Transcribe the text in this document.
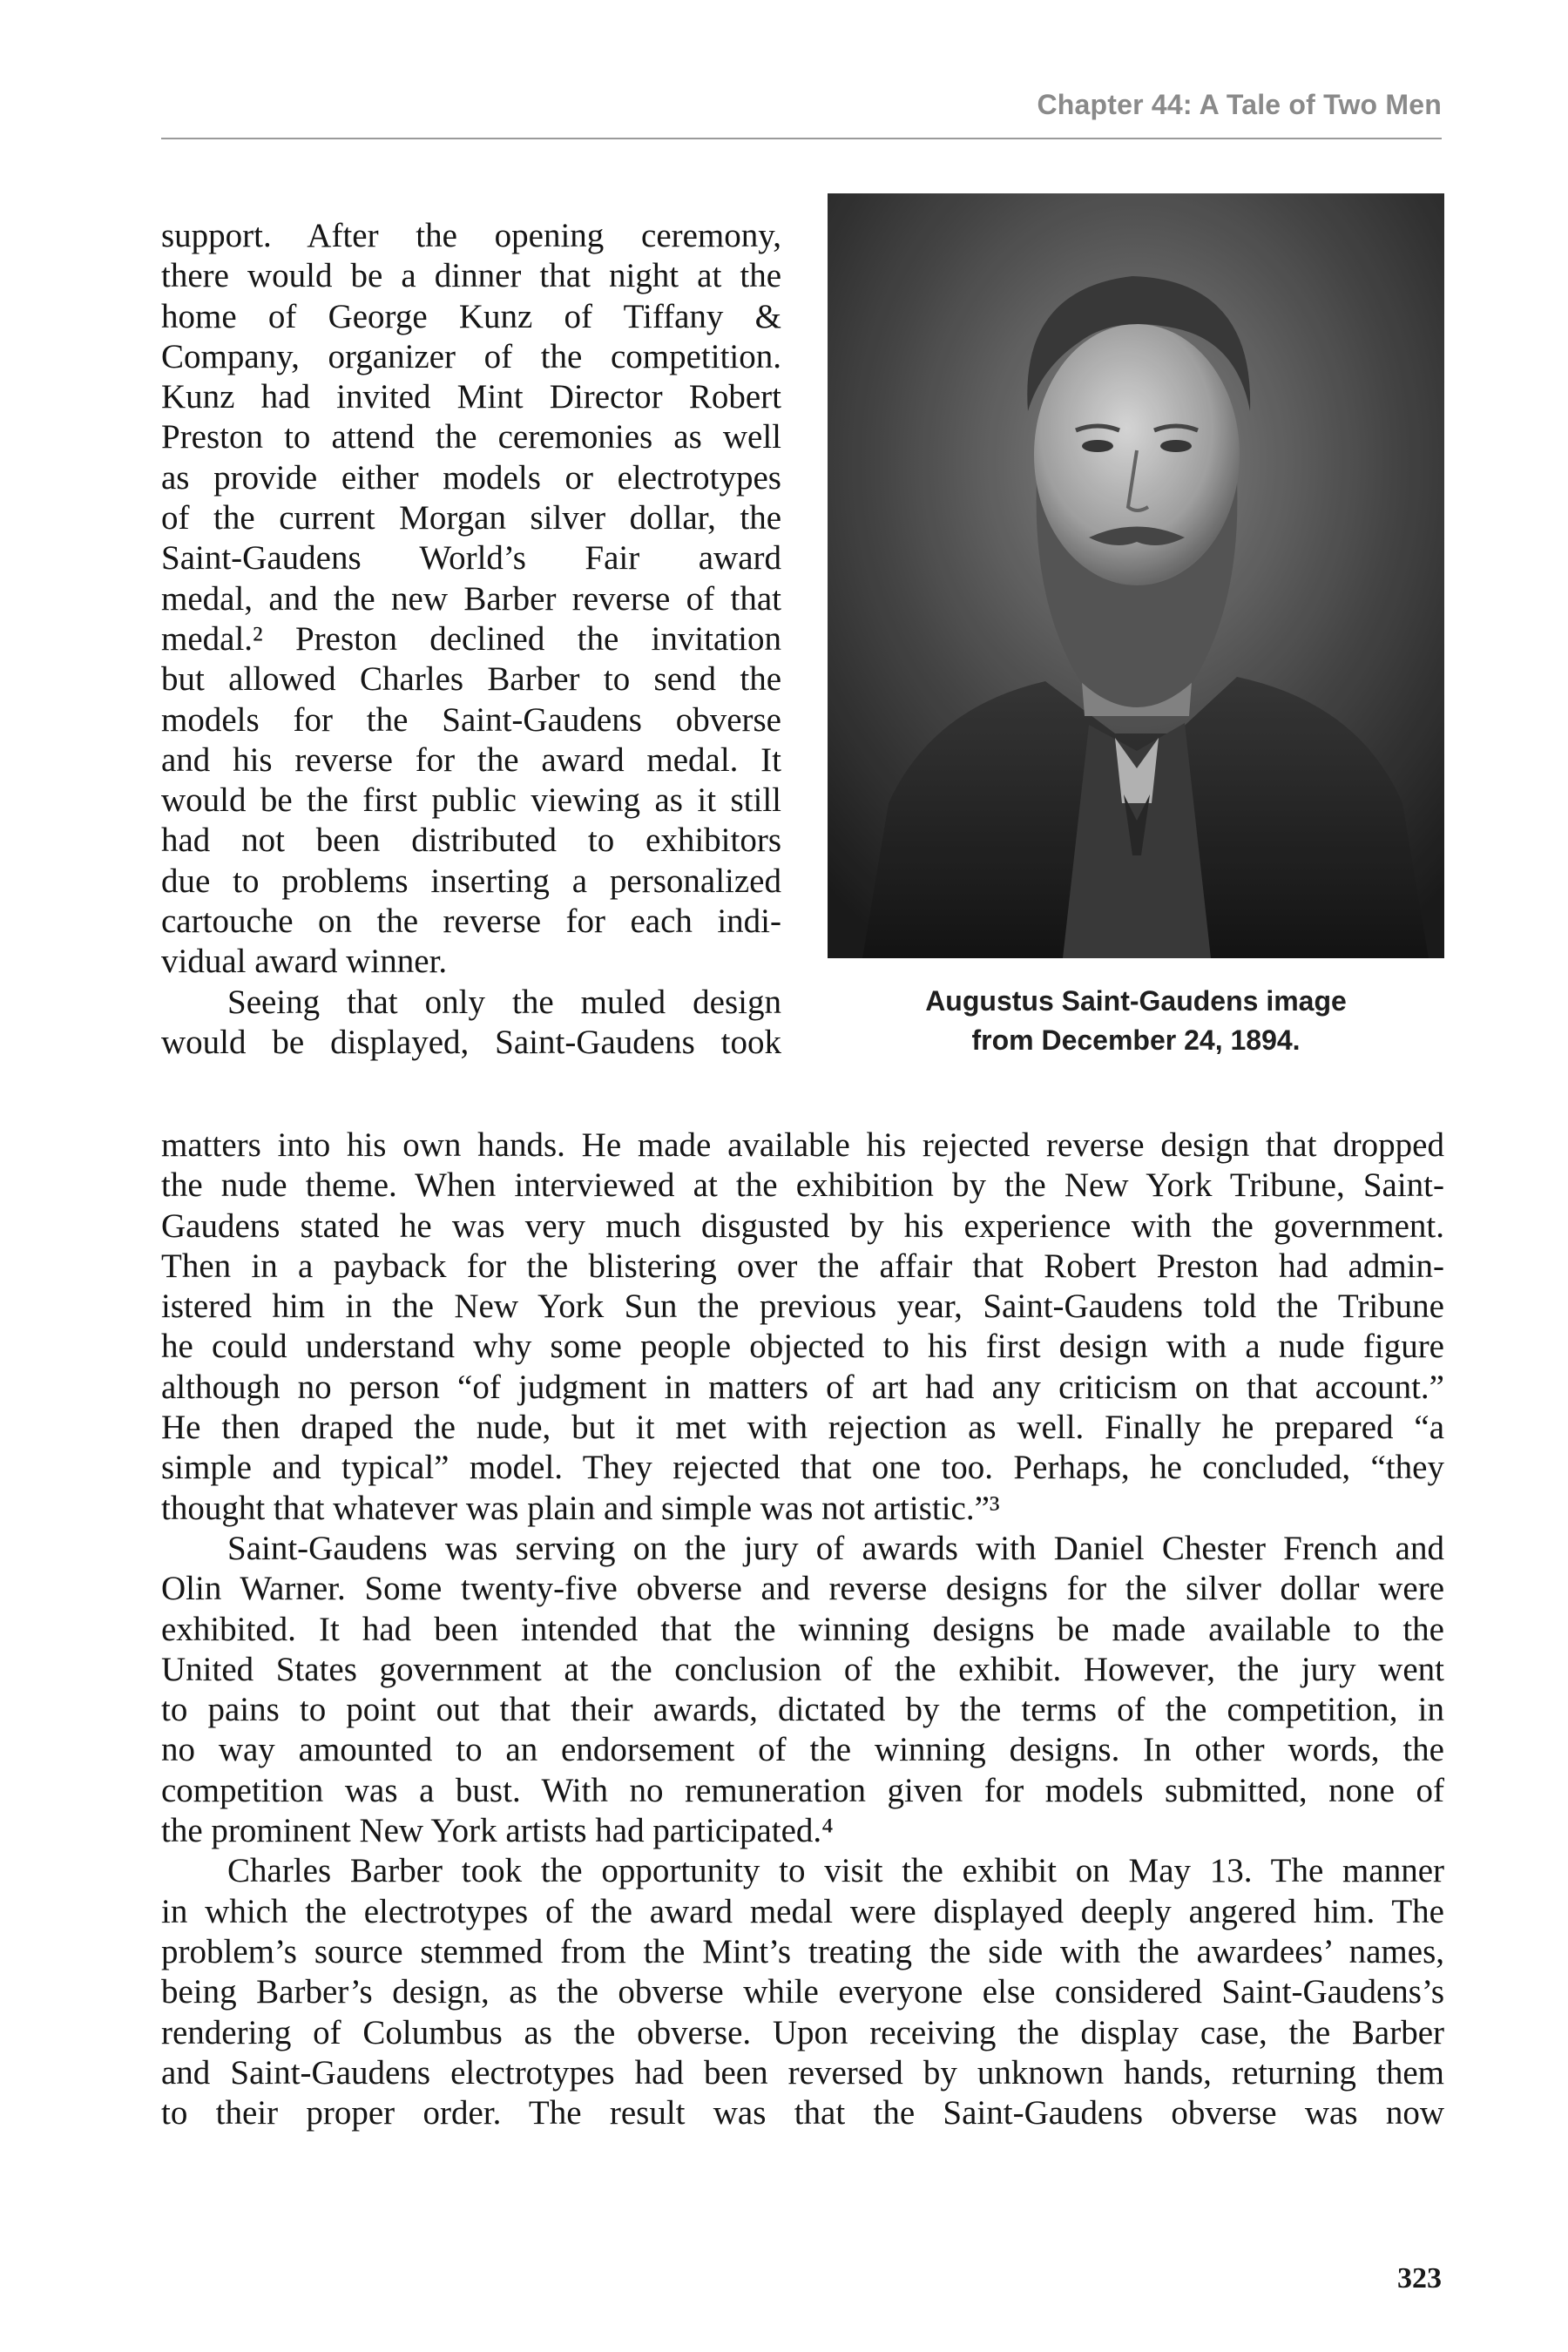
Chapter 44: A Tale of Two Men
Augustus Saint-Gaudens image
from December 24, 1894.
support. After the opening ceremony,
there would be a dinner that night at the
home of George Kunz of Tiffany &
Company, organizer of the competition.
Kunz had invited Mint Director Robert
Preston to attend the ceremonies as well
as provide either models or electrotypes
of the current Morgan silver dollar, the
Saint-Gaudens World’s Fair award
medal, and the new Barber reverse of that
medal.² Preston declined the invitation
but allowed Charles Barber to send the
models for the Saint-Gaudens obverse
and his reverse for the award medal. It
would be the first public viewing as it still
had not been distributed to exhibitors
due to problems inserting a personalized
cartouche on the reverse for each indi-
vidual award winner.
Seeing that only the muled design
would be displayed, Saint-Gaudens took
matters into his own hands. He made available his rejected reverse design that dropped
the nude theme. When interviewed at the exhibition by the New York Tribune, Saint-
Gaudens stated he was very much disgusted by his experience with the government.
Then in a payback for the blistering over the affair that Robert Preston had admin-
istered him in the New York Sun the previous year, Saint-Gaudens told the Tribune
he could understand why some people objected to his first design with a nude figure
although no person “of judgment in matters of art had any criticism on that account.”
He then draped the nude, but it met with rejection as well. Finally he prepared “a
simple and typical” model. They rejected that one too. Perhaps, he concluded, “they
thought that whatever was plain and simple was not artistic.”³
Saint-Gaudens was serving on the jury of awards with Daniel Chester French and
Olin Warner. Some twenty-five obverse and reverse designs for the silver dollar were
exhibited. It had been intended that the winning designs be made available to the
United States government at the conclusion of the exhibit. However, the jury went
to pains to point out that their awards, dictated by the terms of the competition, in
no way amounted to an endorsement of the winning designs. In other words, the
competition was a bust. With no remuneration given for models submitted, none of
the prominent New York artists had participated.⁴
Charles Barber took the opportunity to visit the exhibit on May 13. The manner
in which the electrotypes of the award medal were displayed deeply angered him. The
problem’s source stemmed from the Mint’s treating the side with the awardees’ names,
being Barber’s design, as the obverse while everyone else considered Saint-Gaudens’s
rendering of Columbus as the obverse. Upon receiving the display case, the Barber
and Saint-Gaudens electrotypes had been reversed by unknown hands, returning them
to their proper order. The result was that the Saint-Gaudens obverse was now
323
